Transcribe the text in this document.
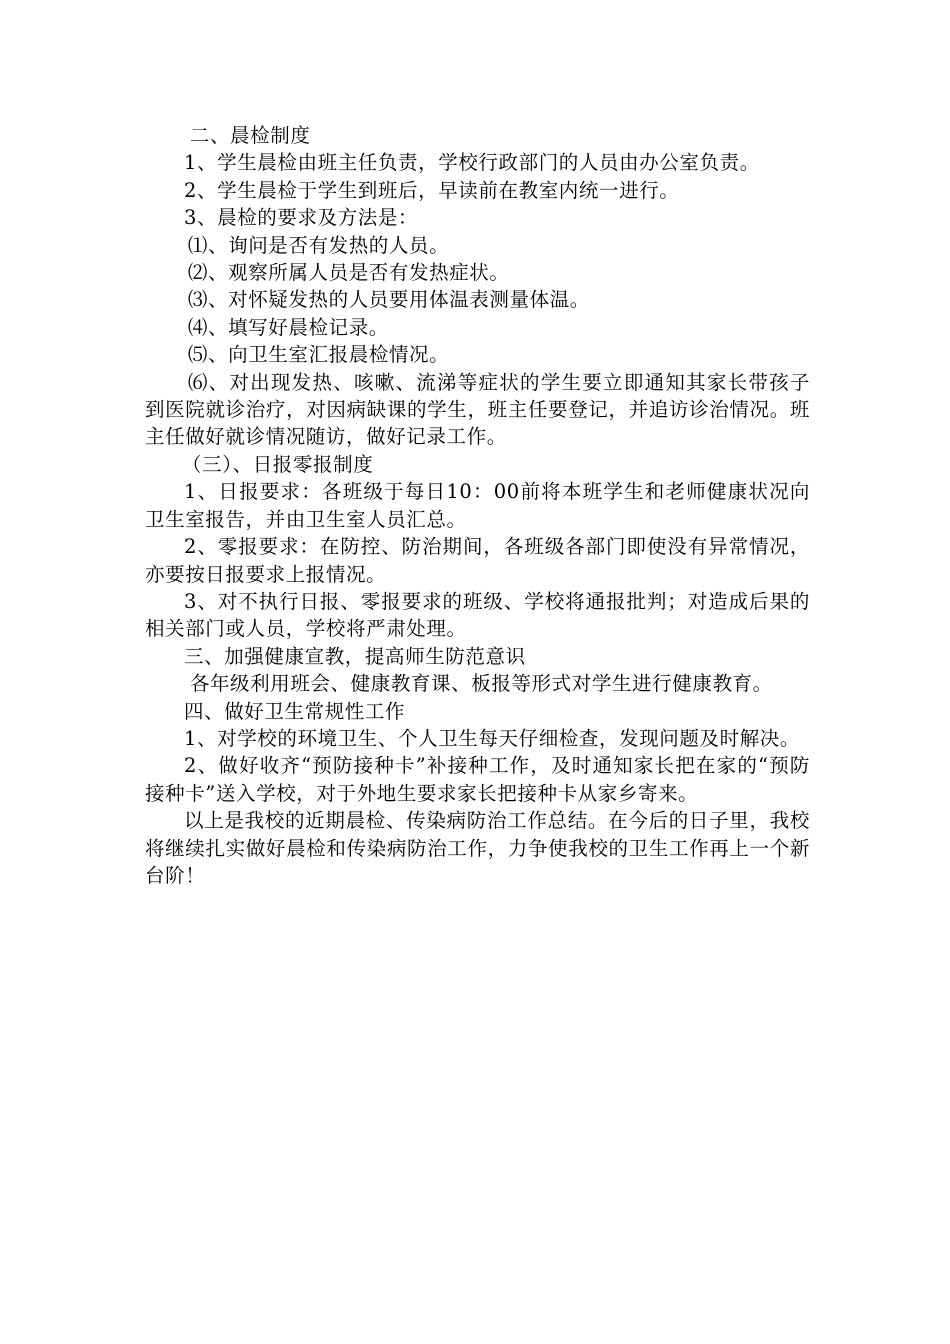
二、晨检制度

1、学生晨检由班主任负责，学校行政部门的人员由办公室负责。

2、学生晨检于学生到班后，早读前在教室内统一进行。

3、晨检的要求及方法是：

⑴、询问是否有发热的人员。

⑵、观察所属人员是否有发热症状。

⑶、对怀疑发热的人员要用体温表测量体温。

⑷、填写好晨检记录。

⑸、向卫生室汇报晨检情况。

⑹、对出现发热、咳嗽、流涕等症状的学生要立即通知其家长带孩子到医院就诊治疗，对因病缺课的学生，班主任要登记，并追访诊治情况。班主任做好就诊情况随访，做好记录工作。

（三）、日报零报制度

1、日报要求：各班级于每日10：00前将本班学生和老师健康状况向卫生室报告，并由卫生室人员汇总。

2、零报要求：在防控、防治期间，各班级各部门即使没有异常情况，亦要按日报要求上报情况。

3、对不执行日报、零报要求的班级、学校将通报批判；对造成后果的相关部门或人员，学校将严肃处理。

三、加强健康宣教，提高师生防范意识

各年级利用班会、健康教育课、板报等形式对学生进行健康教育。

四、做好卫生常规性工作

1、对学校的环境卫生、个人卫生每天仔细检查，发现问题及时解决。

2、做好收齐“预防接种卡”补接种工作，及时通知家长把在家的“预防接种卡”送入学校，对于外地生要求家长把接种卡从家乡寄来。

以上是我校的近期晨检、传染病防治工作总结。在今后的日子里，我校将继续扎实做好晨检和传染病防治工作，力争使我校的卫生工作再上一个新台阶！
